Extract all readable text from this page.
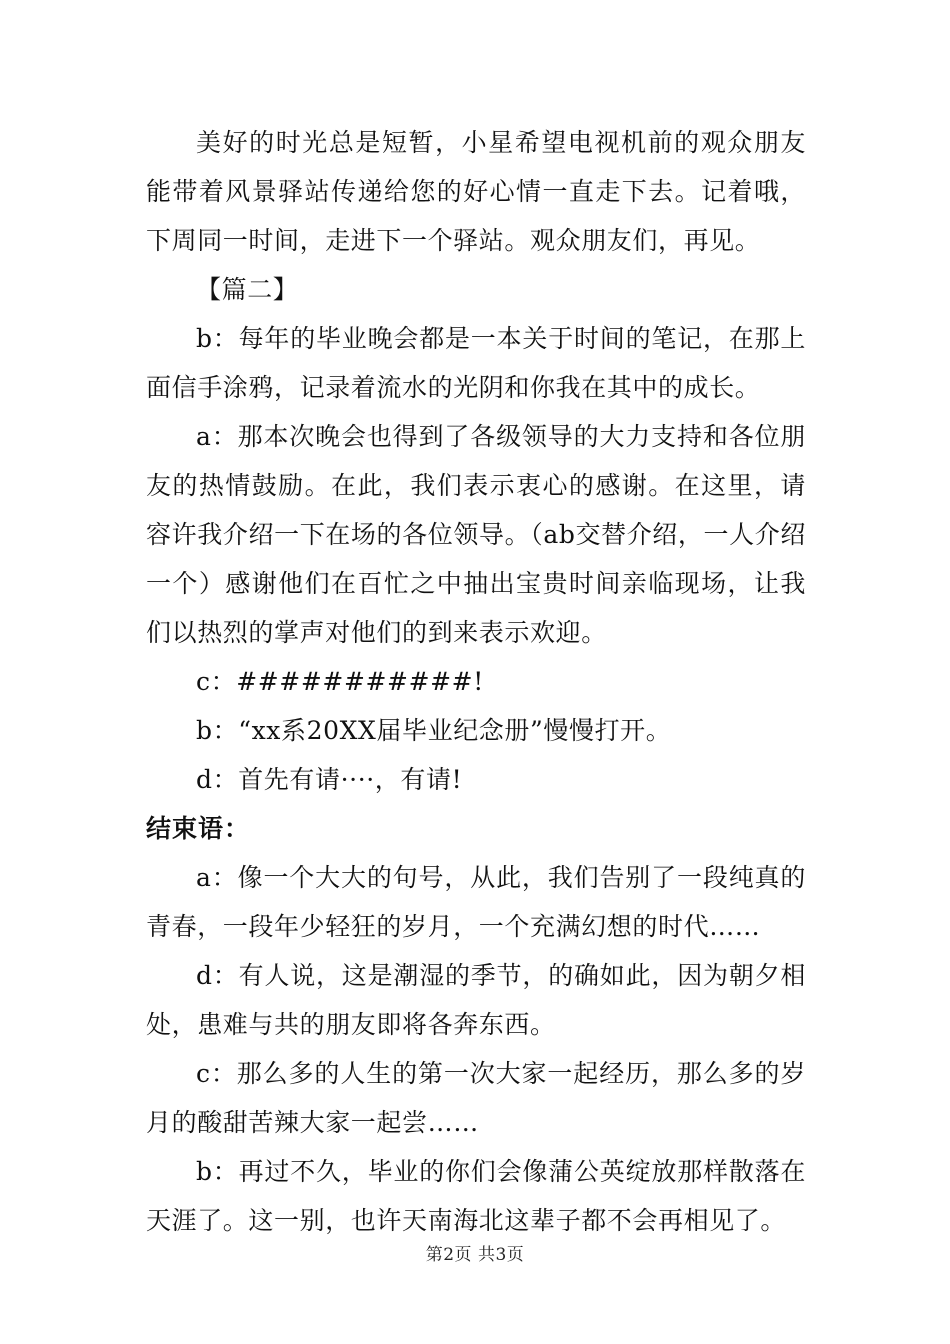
美好的时光总是短暂，小星希望电视机前的观众朋友能带着风景驿站传递给您的好心情一直走下去。记着哦，下周同一时间，走进下一个驿站。观众朋友们，再见。

【篇二】

b：每年的毕业晚会都是一本关于时间的笔记，在那上面信手涂鸦，记录着流水的光阴和你我在其中的成长。

a：那本次晚会也得到了各级领导的大力支持和各位朋友的热情鼓励。在此，我们表示衷心的感谢。在这里，请容许我介绍一下在场的各位领导。（ab交替介绍，一人介绍一个）感谢他们在百忙之中抽出宝贵时间亲临现场，让我们以热烈的掌声对他们的到来表示欢迎。

c：###########!

b：“xx系20XX届毕业纪念册”慢慢打开。

d：首先有请····，有请!

结束语：

a：像一个大大的句号，从此，我们告别了一段纯真的青春，一段年少轻狂的岁月，一个充满幻想的时代……

d：有人说，这是潮湿的季节，的确如此，因为朝夕相处，患难与共的朋友即将各奔东西。

c：那么多的人生的第一次大家一起经历，那么多的岁月的酸甜苦辣大家一起尝……

b：再过不久，毕业的你们会像蒲公英绽放那样散落在天涯了。这一别，也许天南海北这辈子都不会再相见了。

第2页 共3页
